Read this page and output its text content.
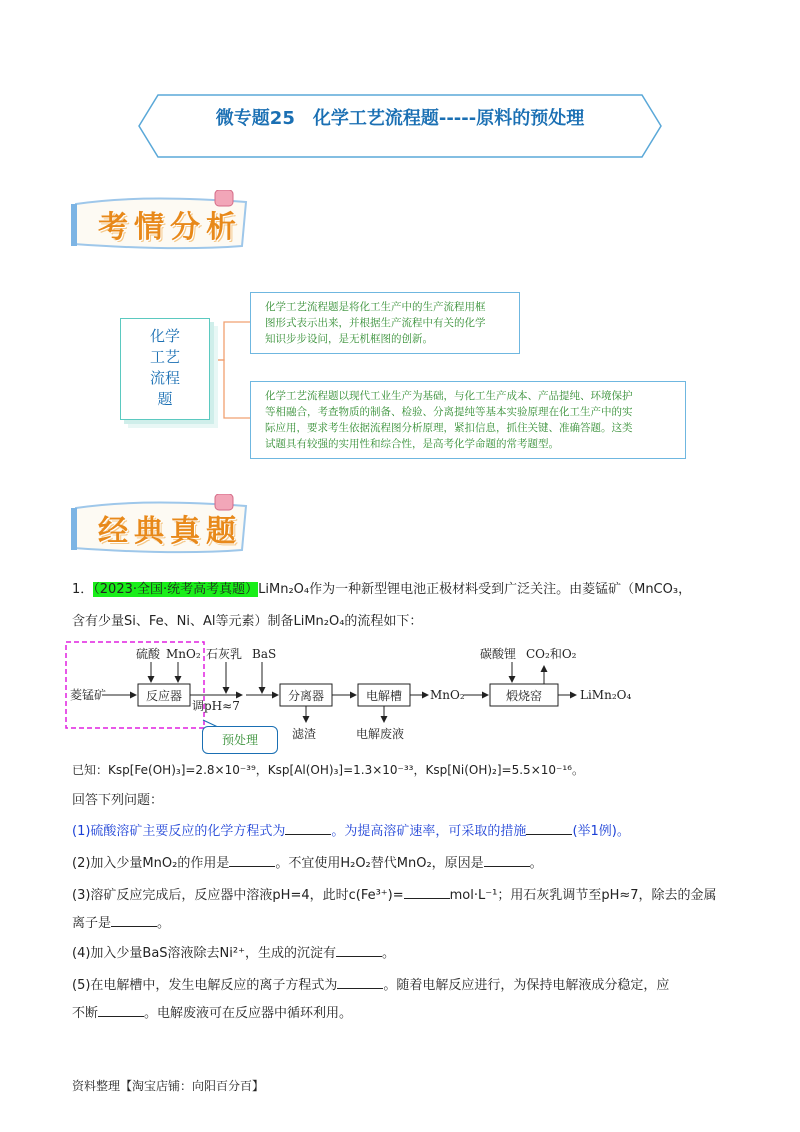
微专题25　化学工艺流程题-----原料的预处理
考情分析
化学
工艺
流程
题
化学工艺流程题是将化工生产中的生产流程用框
图形式表示出来，并根据生产流程中有关的化学
知识步步设问，是无机框图的创新。
化学工艺流程题以现代工业生产为基础，与化工生产成本、产品提纯、环境保护
等相融合，考查物质的制备、检验、分离提纯等基本实验原理在化工生产中的实
际应用，要求考生依据流程图分析原理，紧扣信息，抓住关键、准确答题。这类
试题具有较强的实用性和综合性，是高考化学命题的常考题型。
经典真题
1．（2023·全国·统考高考真题）LiMn₂O₄作为一种新型锂电池正极材料受到广泛关注。由菱锰矿（MnCO₃，
含有少量Si、Fe、Ni、Al等元素）制备LiMn₂O₄的流程如下：
菱锰矿
硫酸 MnO₂
反应器
调pH≈7
石灰乳 BaS
分离器
滤渣
电解槽
电解废液
MnO₂
碳酸锂 CO₂和O₂
煅烧窑	LiMn₂O₄
预处理
已知：Ksp[Fe(OH)₃]=2.8×10⁻³⁹，Ksp[Al(OH)₃]=1.3×10⁻³³，Ksp[Ni(OH)₂]=5.5×10⁻¹⁶。
回答下列问题：
(1)硫酸溶矿主要反应的化学方程式为	。为提高溶矿速率，可采取的措施	(举1例)。
(2)加入少量MnO₂的作用是	。不宜使用H₂O₂替代MnO₂，原因是	。
(3)溶矿反应完成后，反应器中溶液pH=4，此时c(Fe³⁺)=	mol·L⁻¹；用石灰乳调节至pH≈7，除去的金属
离子是	。
(4)加入少量BaS溶液除去Ni²⁺，生成的沉淀有	。
(5)在电解槽中，发生电解反应的离子方程式为	。随着电解反应进行，为保持电解液成分稳定，应
不断	。电解废液可在反应器中循环利用。
资料整理【淘宝店铺：向阳百分百】
